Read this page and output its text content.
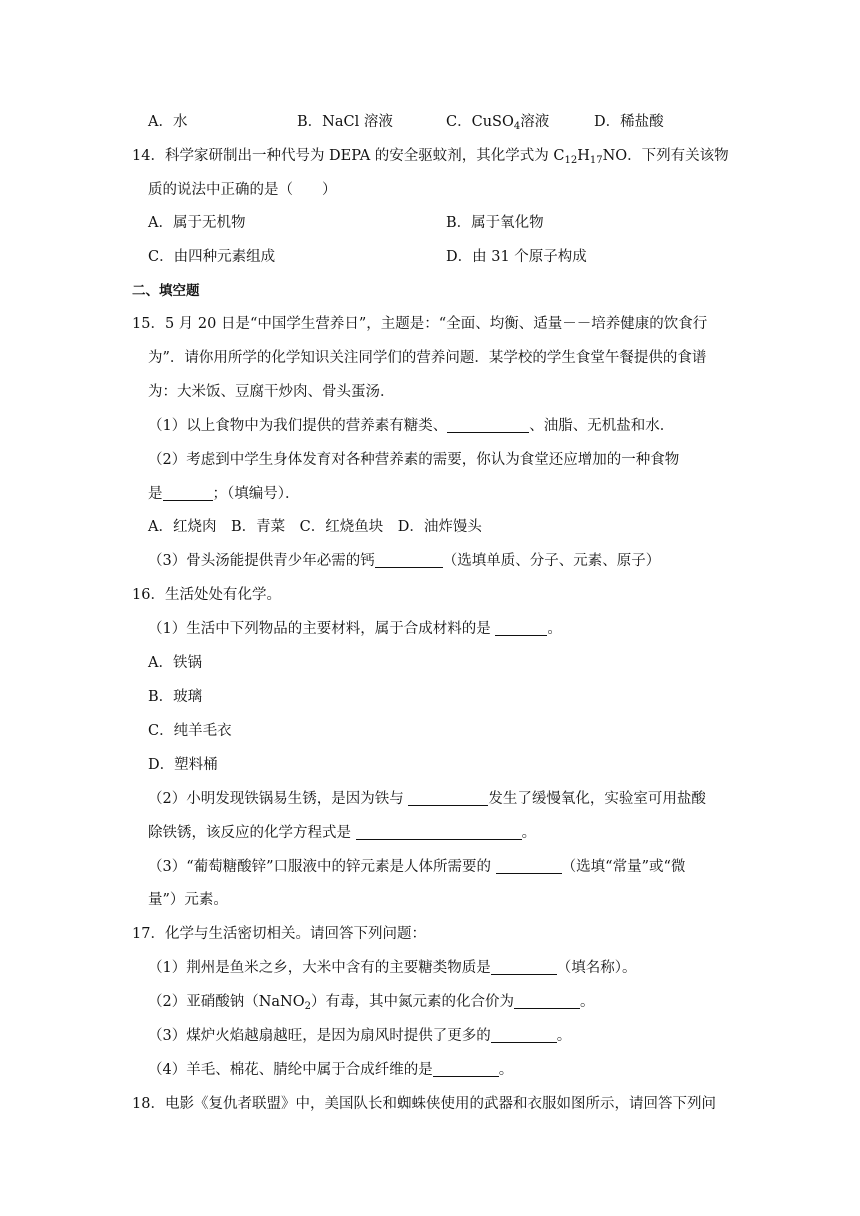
A．水	B．NaCl 溶液	C．CuSO$_4$溶液	D．稀盐酸
14．科学家研制出一种代号为 DEPA 的安全驱蚊剂，其化学式为 $C_{12}H_{17}NO$．下列有关该物
质的说法中正确的是（　　）
A．属于无机物	B．属于氧化物
C．由四种元素组成	D．由 31 个原子构成
二、填空题
15．5 月 20 日是“中国学生营养日”，主题是：“全面、均衡、适量－－培养健康的饮食行
为”．请你用所学的化学知识关注同学们的营养问题．某学校的学生食堂午餐提供的食谱
为：大米饭、豆腐干炒肉、骨头蛋汤．
（1）以上食物中为我们提供的营养素有糖类、	、油脂、无机盐和水．
（2）考虑到中学生身体发育对各种营养素的需要，你认为食堂还应增加的一种食物
是	；（填编号）．
A．红烧肉　B．青菜　C．红烧鱼块　D．油炸馒头
（3）骨头汤能提供青少年必需的钙	（选填单质、分子、元素、原子）
16．生活处处有化学。
（1）生活中下列物品的主要材料，属于合成材料的是	。
A．铁锅
B．玻璃
C．纯羊毛衣
D．塑料桶
（2）小明发现铁锅易生锈，是因为铁与	发生了缓慢氧化，实验室可用盐酸
除铁锈，该反应的化学方程式是	。
（3）“葡萄糖酸锌”口服液中的锌元素是人体所需要的	（选填“常量”或“微
量”）元素。
17．化学与生活密切相关。请回答下列问题：
（1）荆州是鱼米之乡，大米中含有的主要糖类物质是	（填名称）。
（2）亚硝酸钠（NaNO$_2$）有毒，其中氮元素的化合价为	。
（3）煤炉火焰越扇越旺，是因为扇风时提供了更多的	。
（4）羊毛、棉花、腈纶中属于合成纤维的是	。
18．电影《复仇者联盟》中，美国队长和蜘蛛侠使用的武器和衣服如图所示，请回答下列问
